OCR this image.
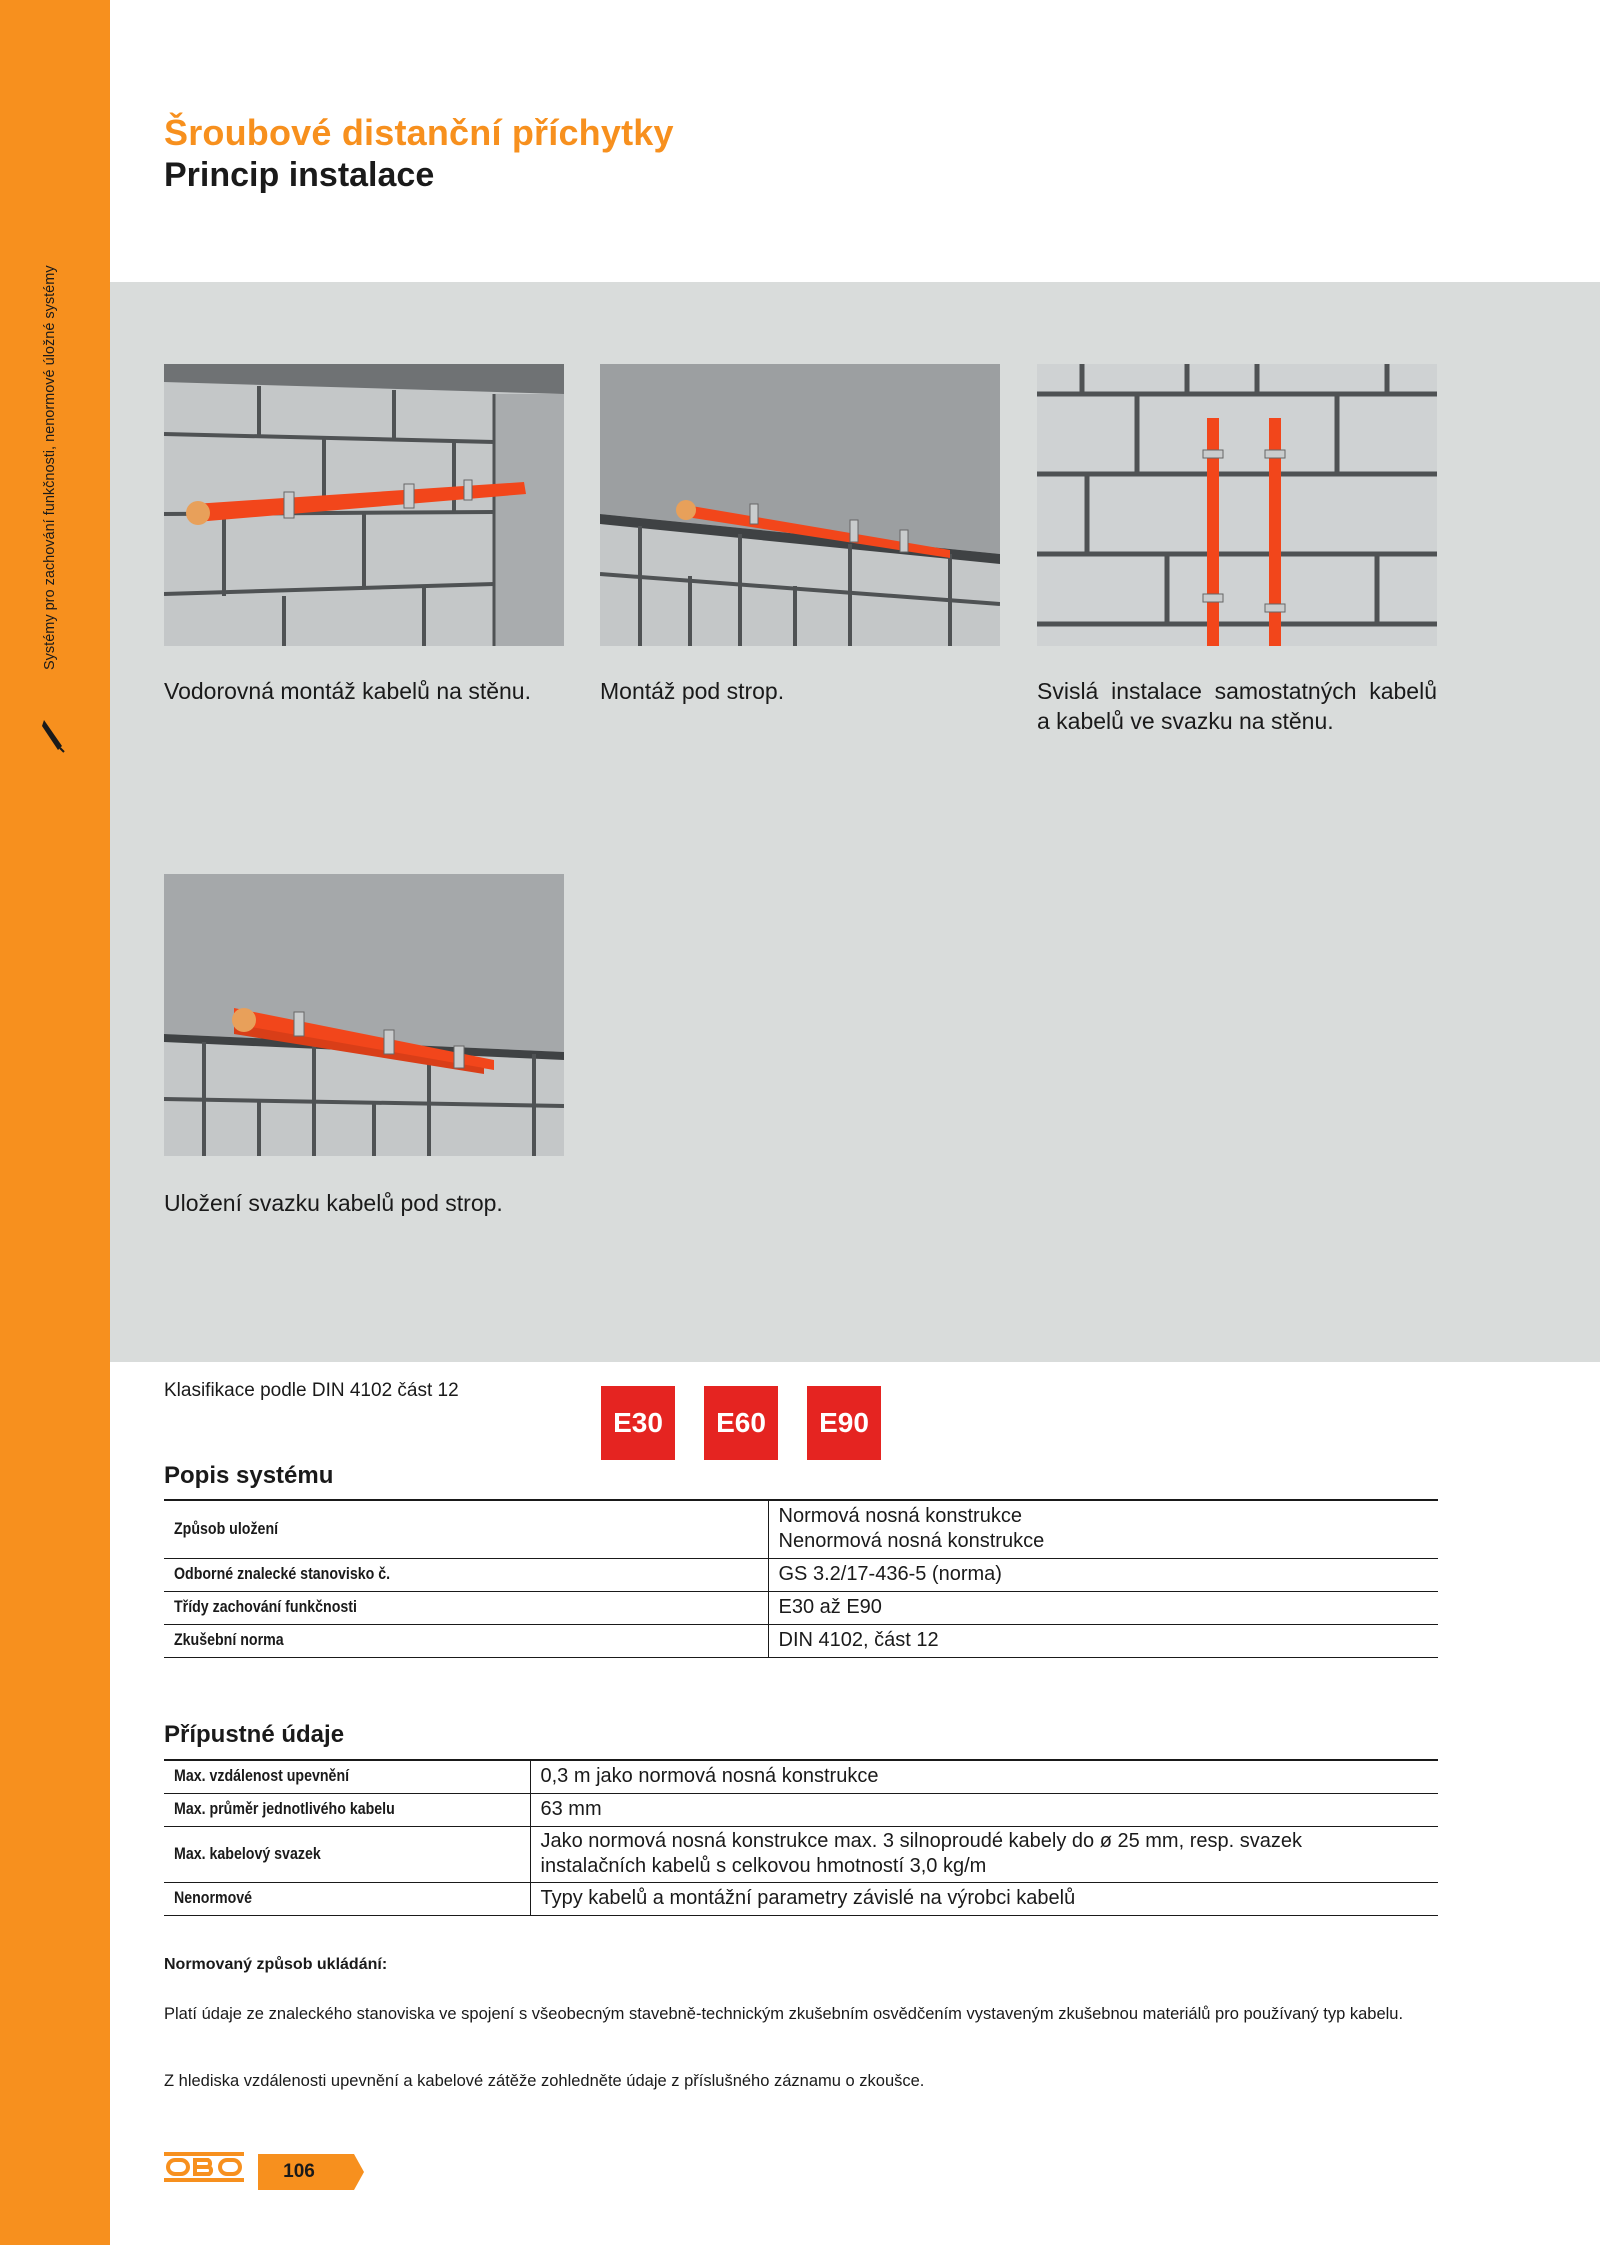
Systémy pro zachování funkčnosti, nenormové úložné systémy
Šroubové distanční příchytky
Princip instalace
Vodorovná montáž kabelů na stěnu.	Montáž pod strop.	Svislá instalace samostatných kabelů a kabelů ve svazku na stěnu.
Uložení svazku kabelů pod strop.
Klasifikace podle DIN 4102 část 12
E30	E60	E90
Popis systému
Způsob uložení	Normová nosná konstrukce
Nenormová nosná konstrukce

Odborné znalecké stanovisko č.	GS 3.2/17-436-5 (norma)

Třídy zachování funkčnosti	E30 až E90

Zkušební norma	DIN 4102, část 12
Přípustné údaje
Max. vzdálenost upevnění	0,3 m jako normová nosná konstrukce

Max. průměr jednotlivého kabelu	63 mm

Max. kabelový svazek	Jako normová nosná konstrukce max. 3 silnoproudé kabely do ø 25 mm, resp. svazek
instalačních kabelů s celkovou hmotností 3,0 kg/m

Nenormové	Typy kabelů a montážní parametry závislé na výrobci kabelů
Normovaný způsob ukládání:
Platí údaje ze znaleckého stanoviska ve spojení s všeobecným stavebně-technickým zkušebním osvědčením vystaveným zkušebnou materiálů pro používaný typ kabelu.
Z hlediska vzdálenosti upevnění a kabelové zátěže zohledněte údaje z příslušného záznamu o zkoušce.
106
